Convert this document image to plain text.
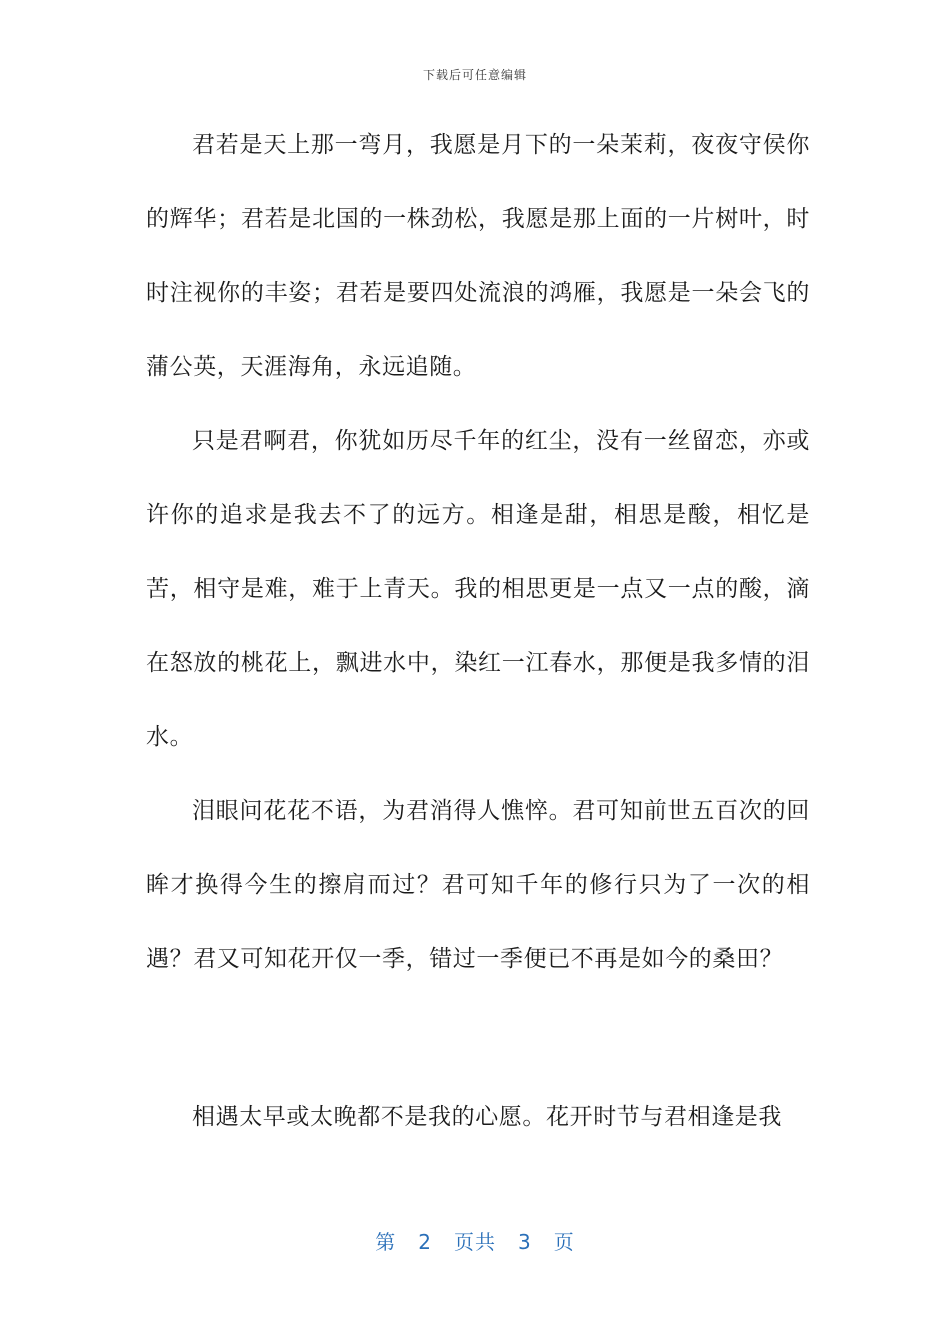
下载后可任意编辑

君若是天上那一弯月，我愿是月下的一朵茉莉，夜夜守侯你的辉华；君若是北国的一株劲松，我愿是那上面的一片树叶，时时注视你的丰姿；君若是要四处流浪的鸿雁，我愿是一朵会飞的蒲公英，天涯海角，永远追随。

只是君啊君，你犹如历尽千年的红尘，没有一丝留恋，亦或许你的追求是我去不了的远方。相逢是甜，相思是酸，相忆是苦，相守是难，难于上青天。我的相思更是一点又一点的酸，滴在怒放的桃花上，飘进水中，染红一江春水，那便是我多情的泪水。

泪眼问花花不语，为君消得人憔悴。君可知前世五百次的回眸才换得今生的擦肩而过？君可知千年的修行只为了一次的相遇？君又可知花开仅一季，错过一季便已不再是如今的桑田？

相遇太早或太晚都不是我的心愿。花开时节与君相逢是我

第 2 页共 3 页
